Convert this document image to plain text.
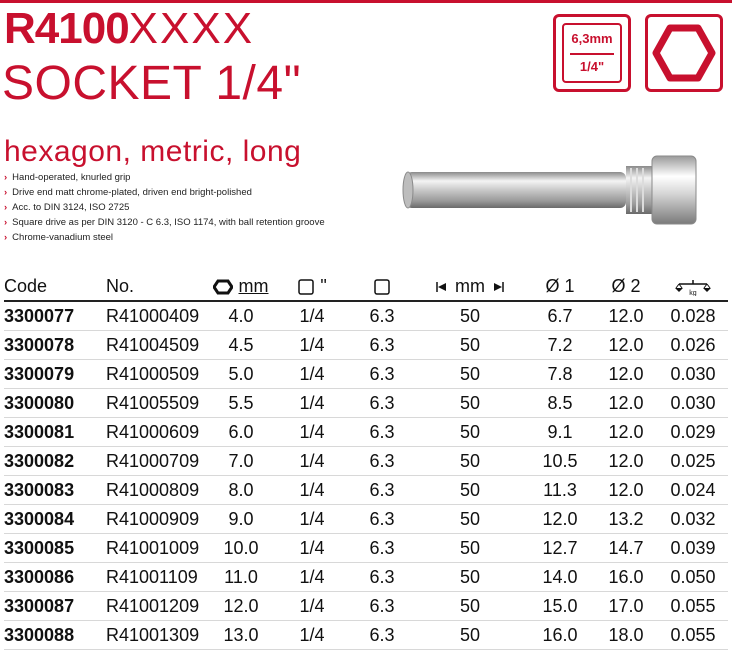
R4100XXXX
SOCKET 1/4"
hexagon, metric, long
6,3mm
1/4"
› Hand-operated, knurled grip
› Drive end matt chrome-plated, driven end bright-polished
› Acc. to DIN 3124, ISO 2725
› Square drive as per DIN 3120 - C 6.3, ISO 1174, with ball retention groove
› Chrome-vanadium steel
Code	No.	mm	"		mm	Ø 1	Ø 2	kg

3300077	R41000409	4.0	1/4	6.3	50	6.7	12.0	0.028
3300078	R41004509	4.5	1/4	6.3	50	7.2	12.0	0.026
3300079	R41000509	5.0	1/4	6.3	50	7.8	12.0	0.030
3300080	R41005509	5.5	1/4	6.3	50	8.5	12.0	0.030
3300081	R41000609	6.0	1/4	6.3	50	9.1	12.0	0.029
3300082	R41000709	7.0	1/4	6.3	50	10.5	12.0	0.025
3300083	R41000809	8.0	1/4	6.3	50	11.3	12.0	0.024
3300084	R41000909	9.0	1/4	6.3	50	12.0	13.2	0.032
3300085	R41001009	10.0	1/4	6.3	50	12.7	14.7	0.039
3300086	R41001109	11.0	1/4	6.3	50	14.0	16.0	0.050
3300087	R41001209	12.0	1/4	6.3	50	15.0	17.0	0.055
3300088	R41001309	13.0	1/4	6.3	50	16.0	18.0	0.055
